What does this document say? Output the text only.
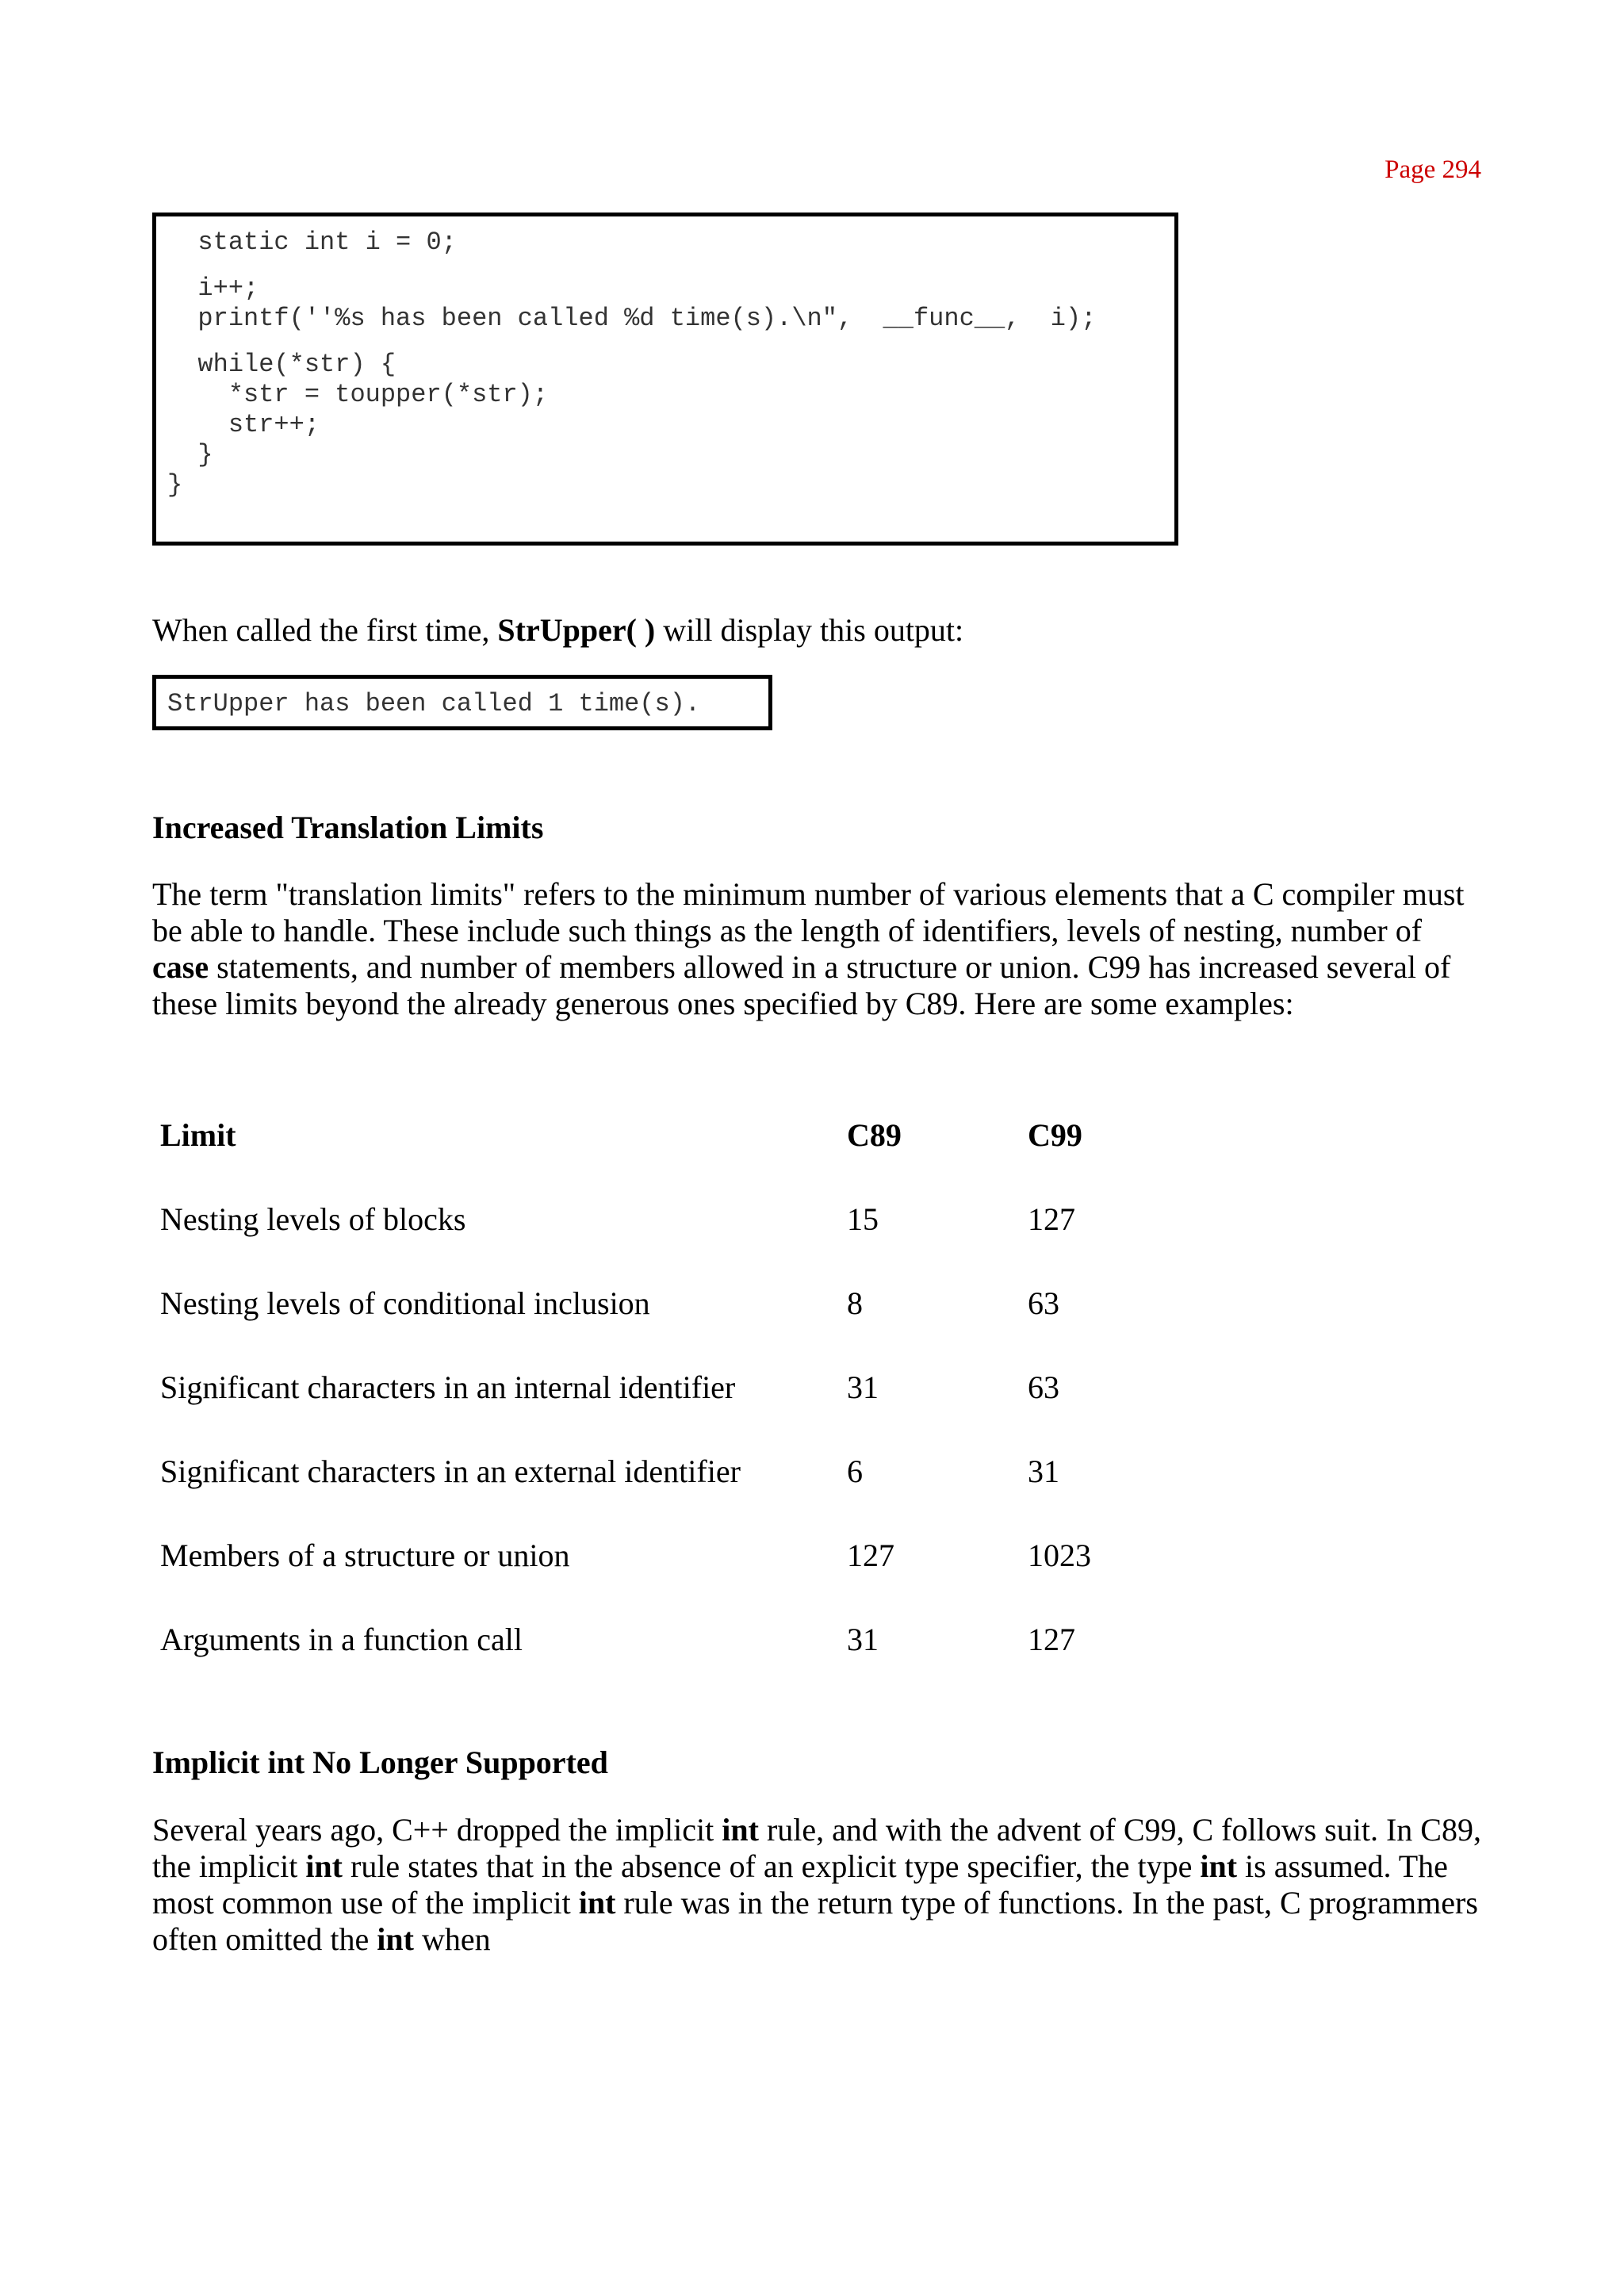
Page 294
static int i = 0;
i++;
printf(''%s has been called %d time(s).\n",  __func__,  i);
while(*str) {
*str = toupper(*str);
str++;
}
}
When called the first time, StrUpper( ) will display this output:
StrUpper has been called 1 time(s).
Increased Translation Limits
The term "translation limits" refers to the minimum number of various elements that a C compiler must be able to handle. These include such things as the length of identifiers, levels of nesting, number of case statements, and number of members allowed in a structure or union. C99 has increased several of these limits beyond the already generous ones specified by C89. Here are some examples:
Limit	C89	C99
Nesting levels of blocks	15	127
Nesting levels of conditional inclusion	8	63
Significant characters in an internal identifier	31	63
Significant characters in an external identifier	6	31
Members of a structure or union	127	1023
Arguments in a function call	31	127
Implicit int No Longer Supported
Several years ago, C++ dropped the implicit int rule, and with the advent of C99, C follows suit. In C89, the implicit int rule states that in the absence of an explicit type specifier, the type int is assumed. The most common use of the implicit int rule was in the return type of functions. In the past, C programmers often omitted the int when
